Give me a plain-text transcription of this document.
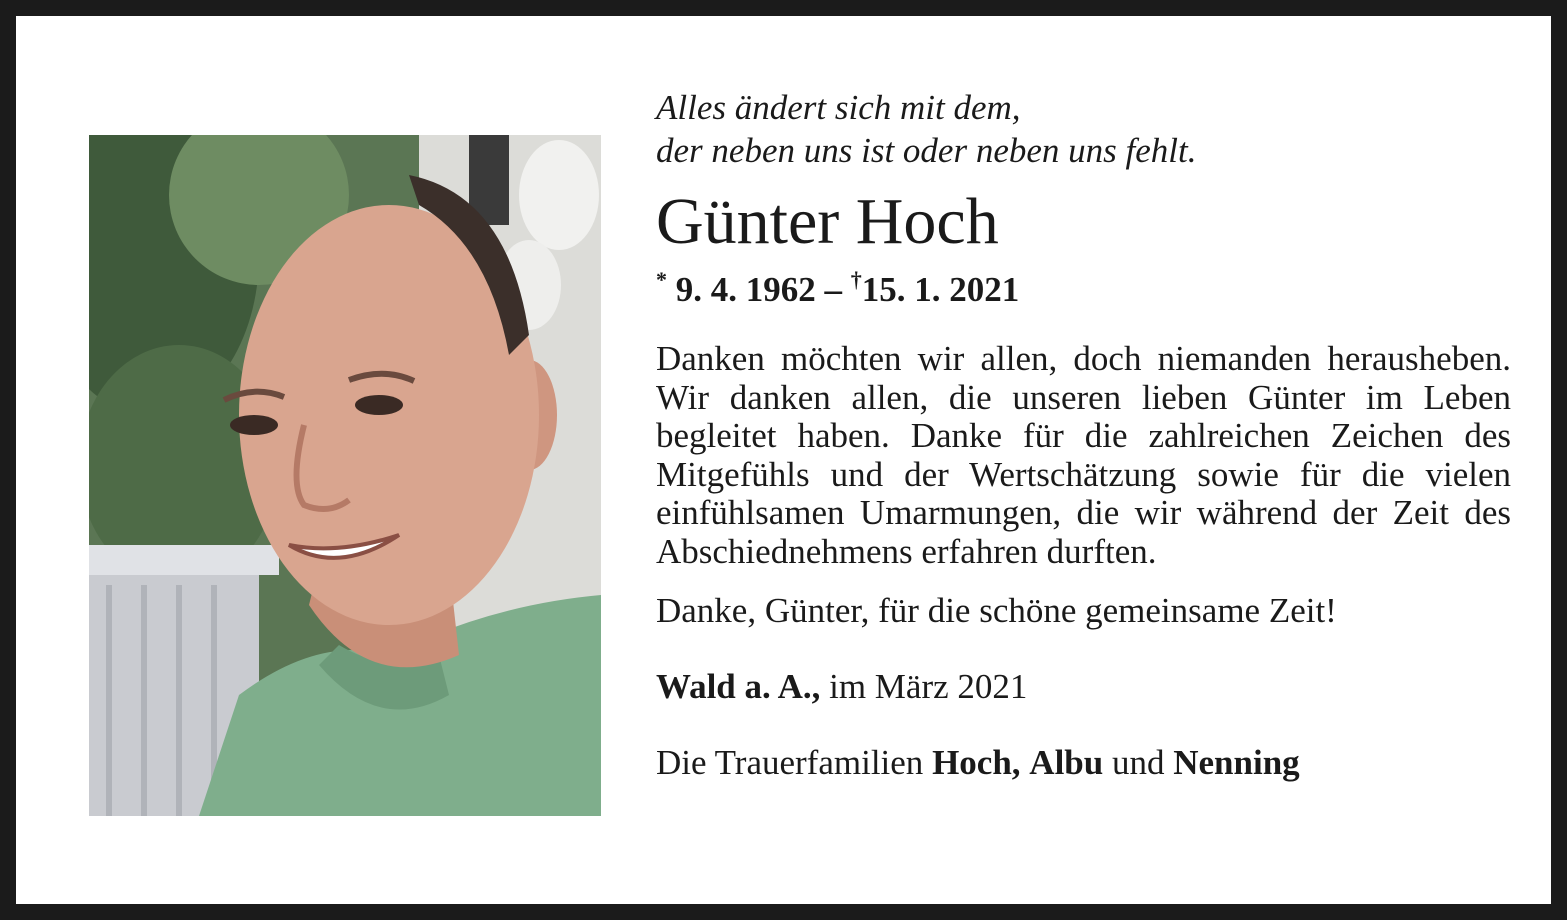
Alles ändert sich mit dem,
der neben uns ist oder neben uns fehlt.

Günter Hoch

* 9. 4. 1962 – †15. 1. 2021

Danken möchten wir allen, doch niemanden herausheben. Wir danken allen, die unseren lieben Günter im Leben begleitet haben. Danke für die zahlreichen Zeichen des Mitgefühls und der Wertschätzung sowie für die vielen einfühlsamen Umarmungen, die wir während der Zeit des Abschiednehmens erfahren durften.

Danke, Günter, für die schöne gemeinsame Zeit!

Wald a. A., im März 2021

Die Trauerfamilien Hoch, Albu und Nenning
